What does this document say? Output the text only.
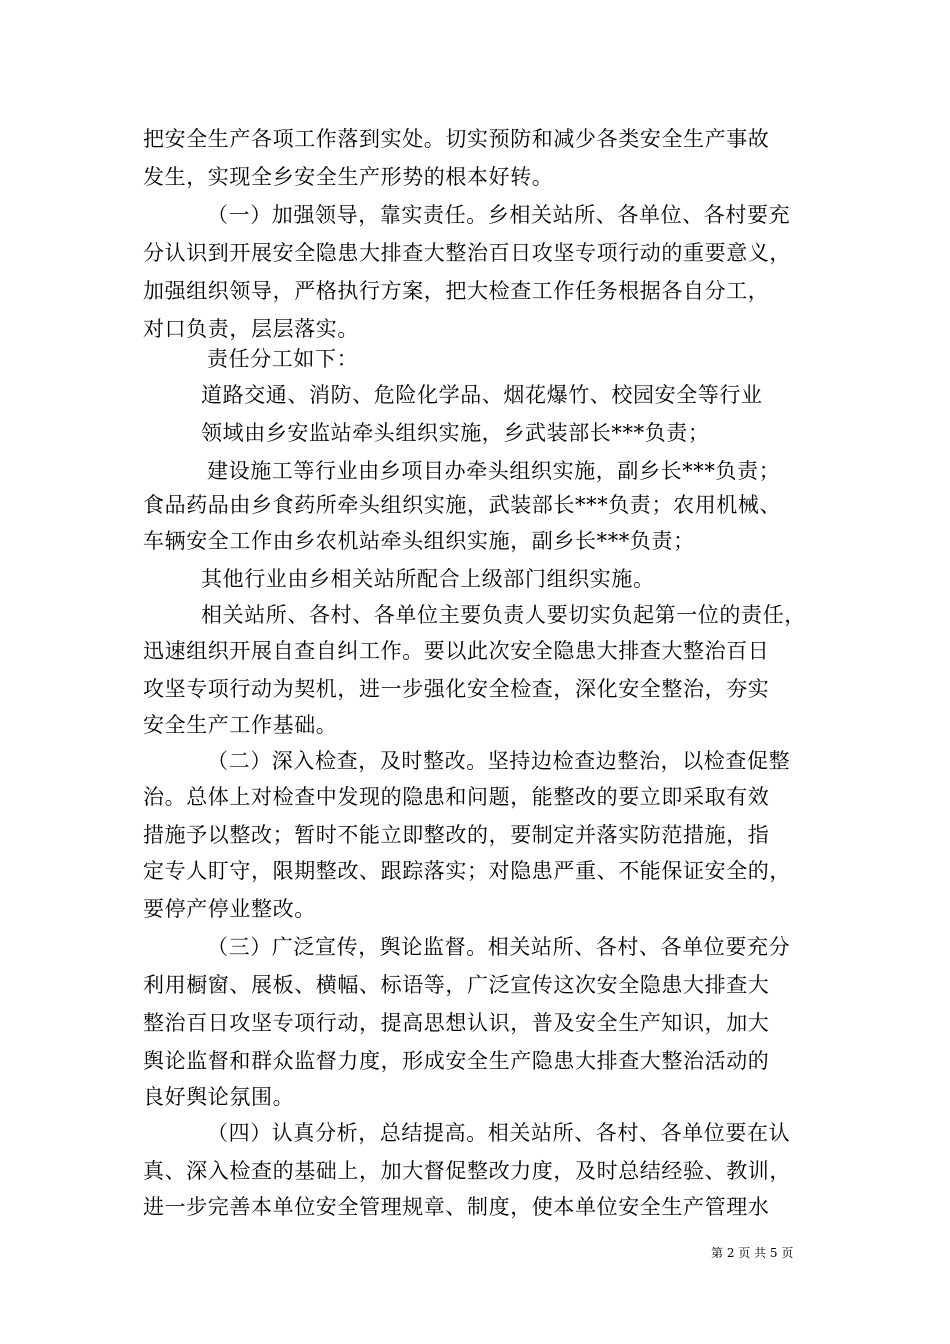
把安全生产各项工作落到实处。切实预防和减少各类安全生产事故
发生，实现全乡安全生产形势的根本好转。
（一）加强领导，靠实责任。乡相关站所、各单位、各村要充
分认识到开展安全隐患大排查大整治百日攻坚专项行动的重要意义，
加强组织领导，严格执行方案，把大检查工作任务根据各自分工，
对口负责，层层落实。
责任分工如下：
道路交通、消防、危险化学品、烟花爆竹、校园安全等行业
领域由乡安监站牵头组织实施，乡武装部长***负责；
建设施工等行业由乡项目办牵头组织实施，副乡长***负责；
食品药品由乡食药所牵头组织实施，武装部长***负责；农用机械、
车辆安全工作由乡农机站牵头组织实施，副乡长***负责；
其他行业由乡相关站所配合上级部门组织实施。
相关站所、各村、各单位主要负责人要切实负起第一位的责任，
迅速组织开展自查自纠工作。要以此次安全隐患大排查大整治百日
攻坚专项行动为契机，进一步强化安全检查，深化安全整治，夯实
安全生产工作基础。
（二）深入检查，及时整改。坚持边检查边整治，以检查促整
治。总体上对检查中发现的隐患和问题，能整改的要立即采取有效
措施予以整改；暂时不能立即整改的，要制定并落实防范措施，指
定专人盯守，限期整改、跟踪落实；对隐患严重、不能保证安全的，
要停产停业整改。
（三）广泛宣传，舆论监督。相关站所、各村、各单位要充分
利用橱窗、展板、横幅、标语等，广泛宣传这次安全隐患大排查大
整治百日攻坚专项行动，提高思想认识，普及安全生产知识，加大
舆论监督和群众监督力度，形成安全生产隐患大排查大整治活动的
良好舆论氛围。
（四）认真分析，总结提高。相关站所、各村、各单位要在认
真、深入检查的基础上，加大督促整改力度，及时总结经验、教训，
进一步完善本单位安全管理规章、制度，使本单位安全生产管理水
第 2 页 共 5 页
